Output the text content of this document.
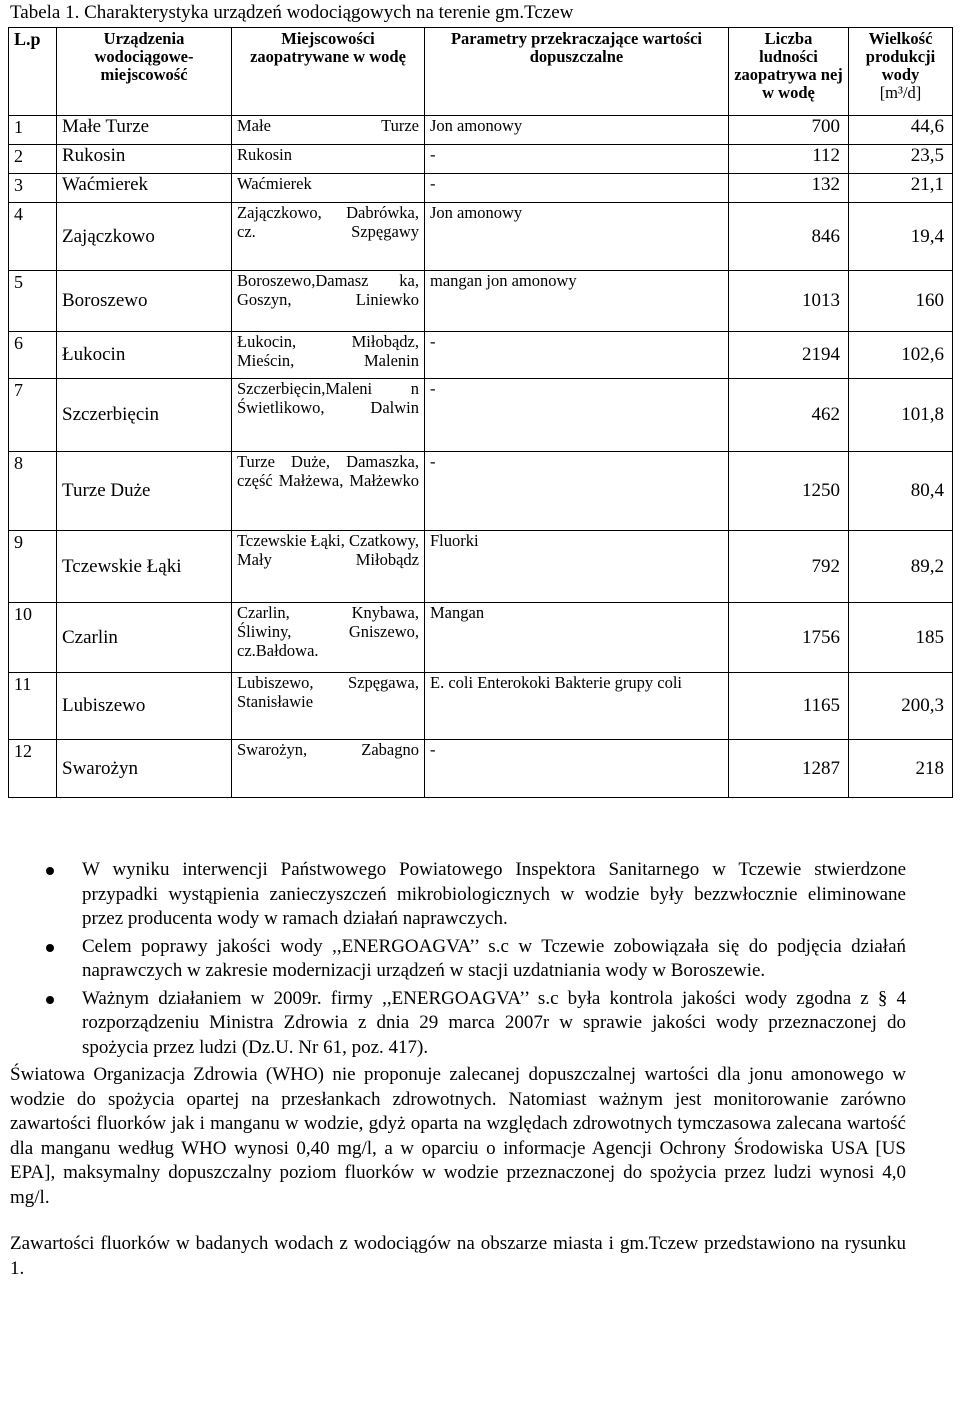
Tabela 1. Charakterystyka urządzeń wodociągowych na terenie gm.Tczew
L.p	Urządzenia wodociągowe- miejscowość	Miejscowości zaopatrywane w wodę	Parametry przekraczające wartości dopuszczalne	Liczba ludności zaopatrywa nej w wodę	Wielkość produkcji wody
[m³/d]
1	Małe Turze	Małe Turze	Jon amonowy	700	44,6
2	Rukosin	Rukosin	-	112	23,5
3	Waćmierek	Waćmierek	-	132	21,1
4	Zajączkowo	Zajączkowo, Dabrówka, cz. Szpęgawy	Jon amonowy	846	19,4
5	Boroszewo	Boroszewo,Damasz ka, Goszyn, Liniewko	mangan jon amonowy	1013	160
6	Łukocin	Łukocin, Miłobądz, Mieścin, Malenin	-	2194	102,6
7	Szczerbięcin	Szczerbięcin,Maleni n Świetlikowo, Dalwin	-	462	101,8
8	Turze Duże	Turze Duże, Damaszka, część Małżewa, Małżewko	-	1250	80,4
9	Tczewskie Łąki	Tczewskie Łąki, Czatkowy, Mały Miłobądz	Fluorki	792	89,2
10	Czarlin	Czarlin, Knybawa, Śliwiny, Gniszewo, cz.Bałdowa.	Mangan	1756	185
11	Lubiszewo	Lubiszewo, Szpęgawa, Stanisławie	E. coli Enterokoki Bakterie grupy coli	1165	200,3
12	Swarożyn	Swarożyn, Zabagno	-	1287	218
W wyniku interwencji Państwowego Powiatowego Inspektora Sanitarnego w Tczewie stwierdzone przypadki wystąpienia zanieczyszczeń mikrobiologicznych w wodzie były bezzwłocznie eliminowane przez producenta wody w ramach działań naprawczych.
Celem poprawy jakości wody ,,ENERGOAGVA’’ s.c w Tczewie zobowiązała się do podjęcia działań naprawczych w zakresie modernizacji urządzeń w stacji uzdatniania wody w Boroszewie.
Ważnym działaniem w 2009r. firmy ,,ENERGOAGVA’’ s.c była kontrola jakości wody zgodna z § 4 rozporządzeniu Ministra Zdrowia z dnia 29 marca 2007r w sprawie jakości wody przeznaczonej do spożycia przez ludzi (Dz.U. Nr 61, poz. 417).

Światowa Organizacja Zdrowia (WHO) nie proponuje zalecanej dopuszczalnej wartości dla jonu amonowego w wodzie do spożycia opartej na przesłankach zdrowotnych. Natomiast ważnym jest monitorowanie zarówno zawartości fluorków jak i manganu w wodzie, gdyż oparta na względach zdrowotnych tymczasowa zalecana wartość dla manganu według WHO wynosi 0,40 mg/l, a w oparciu o informacje Agencji Ochrony Środowiska USA [US EPA], maksymalny dopuszczalny poziom fluorków w wodzie przeznaczonej do spożycia przez ludzi wynosi 4,0 mg/l.

Zawartości fluorków w badanych wodach z wodociągów na obszarze miasta i gm.Tczew przedstawiono na rysunku 1.
